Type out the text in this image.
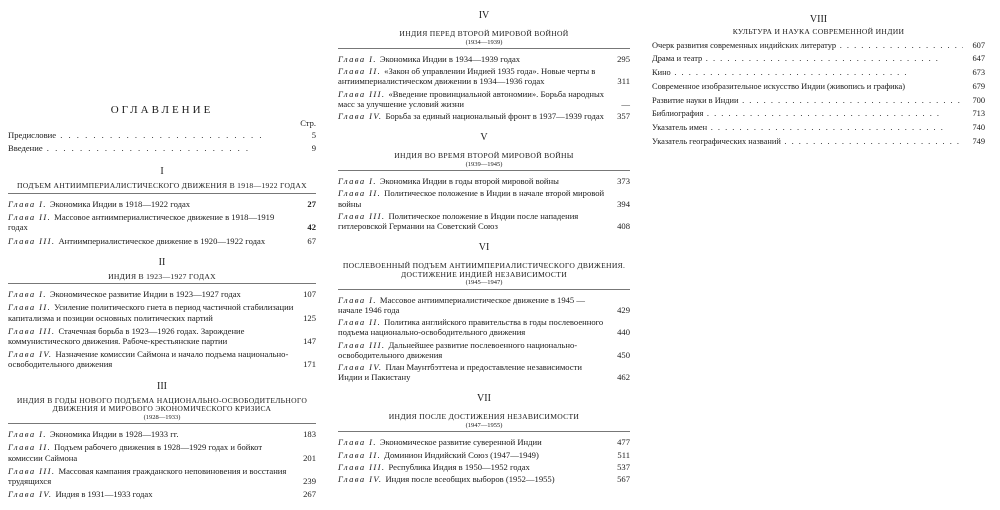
ОГЛАВЛЕНИЕ

Стр.

Предисловие . .	5
Введение . .	9

I

ПОДЪЕМ АНТИИМПЕРИАЛИСТИЧЕСКОГО ДВИЖЕНИЯ В 1918—1922 ГОДАХ

Глава I. Экономика Индии в 1918—1922 годах	27
Глава II. Массовое антиимпериалистическое движение в 1918—1919 годах	42
Глава III. Антиимпериалистическое движение в 1920—1922 годах	67

II

ИНДИЯ В 1923—1927 ГОДАХ

Глава I. Экономическое развитие Индии в 1923—1927 годах	107
Глава II. Усиление политического гнета в период частичной стабилизации капитализма и позиции основных политических партий	125
Глава III. Стачечная борьба в 1923—1926 годах. Зарождение коммунистического движения. Рабоче-крестьянские партии	147
Глава IV. Назначение комиссии Саймона и начало подъема национально-освободительного движения	171

III

ИНДИЯ В ГОДЫ НОВОГО ПОДЪЕМА НАЦИОНАЛЬНО-ОСВОБОДИТЕЛЬНОГО ДВИЖЕНИЯ И МИРОВОГО ЭКОНОМИЧЕСКОГО КРИЗИСА

(1928—1933)

Глава I. Экономика Индии в 1928—1933 гг.	183
Глава II. Подъем рабочего движения в 1928—1929 годах и бойкот комиссии Саймона	201
Глава III. Массовая кампания гражданского неповиновения и восстания трудящихся	239
Глава IV. Индия в 1931—1933 годах	267

IV

ИНДИЯ ПЕРЕД ВТОРОЙ МИРОВОЙ ВОЙНОЙ

(1934—1939)

Глава I. Экономика Индии в 1934—1939 годах	295
Глава II. «Закон об управлении Индией 1935 года». Новые черты в антиимпериалистическом движении в 1934—1936 годах	311
Глава III. «Введение провинциальной автономии». Борьба народных масс за улучшение условий жизни	—
Глава IV. Борьба за единый национальный фронт в 1937—1939 годах	357

V

ИНДИЯ ВО ВРЕМЯ ВТОРОЙ МИРОВОЙ ВОЙНЫ

(1939—1945)

Глава I. Экономика Индии в годы второй мировой войны	373
Глава II. Политическое положение в Индии в начале второй мировой войны	394
Глава III. Политическое положение в Индии после нападения гитлеровской Германии на Советский Союз	408

VI

ПОСЛЕВОЕННЫЙ ПОДЪЕМ АНТИИМПЕРИАЛИСТИЧЕСКОГО ДВИЖЕНИЯ. ДОСТИЖЕНИЕ ИНДИЕЙ НЕЗАВИСИМОСТИ

(1945—1947)

Глава I. Массовое антиимпериалистическое движение в 1945 — начале 1946 года	429
Глава II. Политика английского правительства в годы послевоенного подъема национально-освободительного движения	440
Глава III. Дальнейшее развитие послевоенного национально-освободительного движения	450
Глава IV. План Маунтбэттена и предоставление независимости Индии и Пакистану	462

VII

ИНДИЯ ПОСЛЕ ДОСТИЖЕНИЯ НЕЗАВИСИМОСТИ

(1947—1955)

Глава I. Экономическое развитие суверенной Индии	477
Глава II. Доминион Индийский Союз (1947—1949)	511
Глава III. Республика Индия в 1950—1952 годах	537
Глава IV. Индия после всеобщих выборов (1952—1955)	567

VIII

КУЛЬТУРА И НАУКА СОВРЕМЕННОЙ ИНДИИ

Очерк развития современных индийских литератур . .	607
Драма и театр . .	647
Кино . .	673
Современное изобразительное искусство Индии (живопись и графика)	679
Развитие науки в Индии . .	700
Библиография . .	713
Указатель имен . .	740
Указатель географических названий . .	749
